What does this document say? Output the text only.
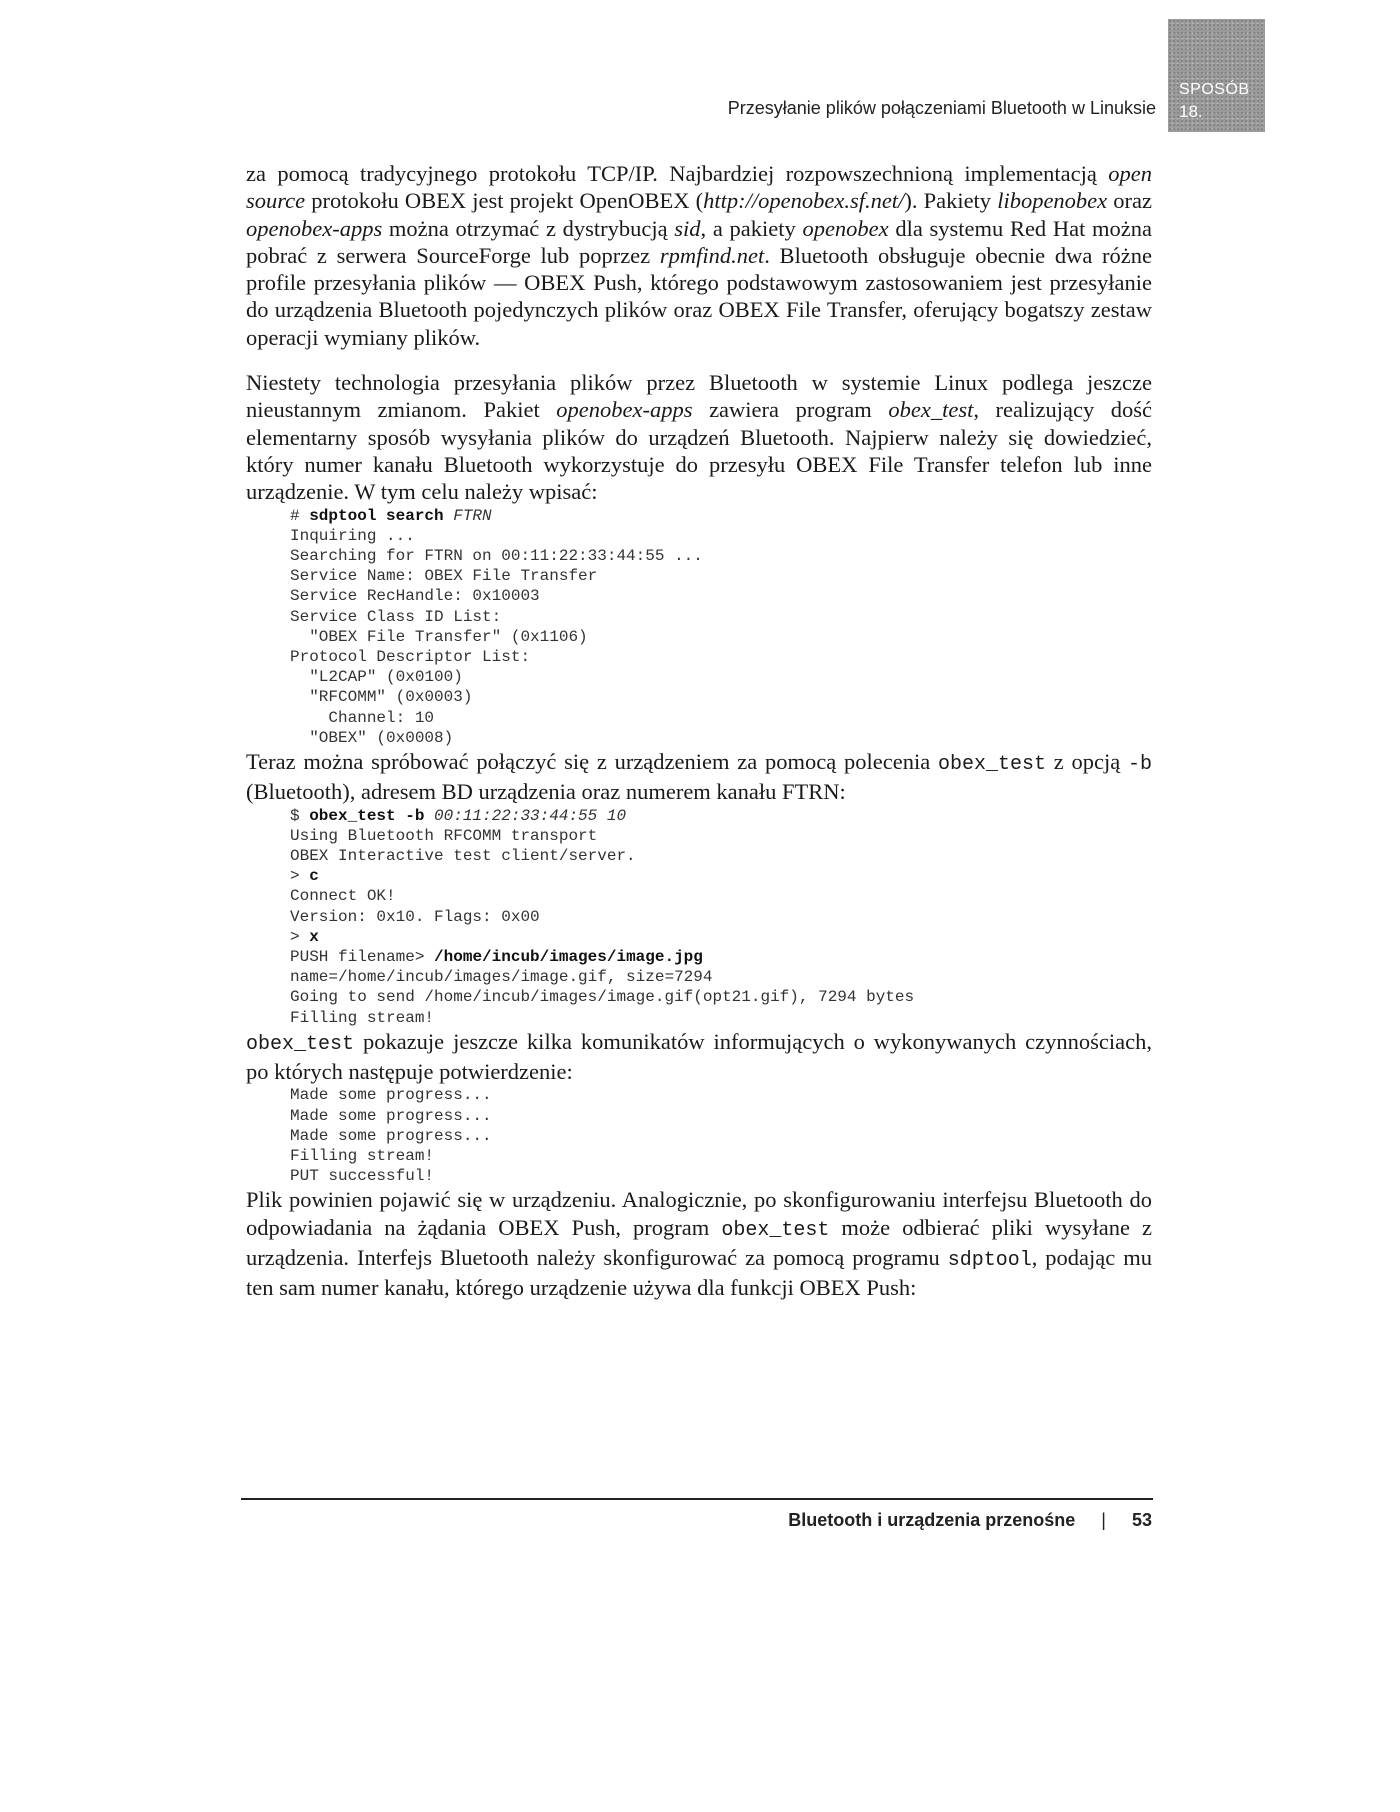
Przesyłanie plików połączeniami Bluetooth w Linuksie
SPOSÓB
18.

za pomocą tradycyjnego protokołu TCP/IP. Najbardziej rozpowszechnioną implementacją open source protokołu OBEX jest projekt OpenOBEX (http://openobex.sf.net/). Pakiety libopenobex oraz openobex-apps można otrzymać z dystrybucją sid, a pakiety openobex dla systemu Red Hat można pobrać z serwera SourceForge lub poprzez rpmfind.net. Bluetooth obsługuje obecnie dwa różne profile przesyłania plików — OBEX Push, którego podstawowym zastosowaniem jest przesyłanie do urządzenia Bluetooth pojedynczych plików oraz OBEX File Transfer, oferujący bogatszy zestaw operacji wymiany plików.

Niestety technologia przesyłania plików przez Bluetooth w systemie Linux podlega jeszcze nieustannym zmianom. Pakiet openobex-apps zawiera program obex_test, realizujący dość elementarny sposób wysyłania plików do urządzeń Bluetooth. Najpierw należy się dowiedzieć, który numer kanału Bluetooth wykorzystuje do przesyłu OBEX File Transfer telefon lub inne urządzenie. W tym celu należy wpisać:

# sdptool search FTRN
Inquiring ...
Searching for FTRN on 00:11:22:33:44:55 ...
Service Name: OBEX File Transfer
Service RecHandle: 0x10003
Service Class ID List:
"OBEX File Transfer" (0x1106)
Protocol Descriptor List:
"L2CAP" (0x0100)
"RFCOMM" (0x0003)
Channel: 10
"OBEX" (0x0008)

Teraz można spróbować połączyć się z urządzeniem za pomocą polecenia obex_test z opcją -b (Bluetooth), adresem BD urządzenia oraz numerem kanału FTRN:

$ obex_test -b 00:11:22:33:44:55 10
Using Bluetooth RFCOMM transport
OBEX Interactive test client/server.
> c
Connect OK!
Version: 0x10. Flags: 0x00
> x
PUSH filename> /home/incub/images/image.jpg
name=/home/incub/images/image.gif, size=7294
Going to send /home/incub/images/image.gif(opt21.gif), 7294 bytes
Filling stream!

obex_test pokazuje jeszcze kilka komunikatów informujących o wykonywanych czynnościach, po których następuje potwierdzenie:

Made some progress...
Made some progress...
Made some progress...
Filling stream!
PUT successful!

Plik powinien pojawić się w urządzeniu. Analogicznie, po skonfigurowaniu interfejsu Bluetooth do odpowiadania na żądania OBEX Push, program obex_test może odbierać pliki wysyłane z urządzenia. Interfejs Bluetooth należy skonfigurować za pomocą programu sdptool, podając mu ten sam numer kanału, którego urządzenie używa dla funkcji OBEX Push:

Bluetooth i urządzenia przenośne | 53
